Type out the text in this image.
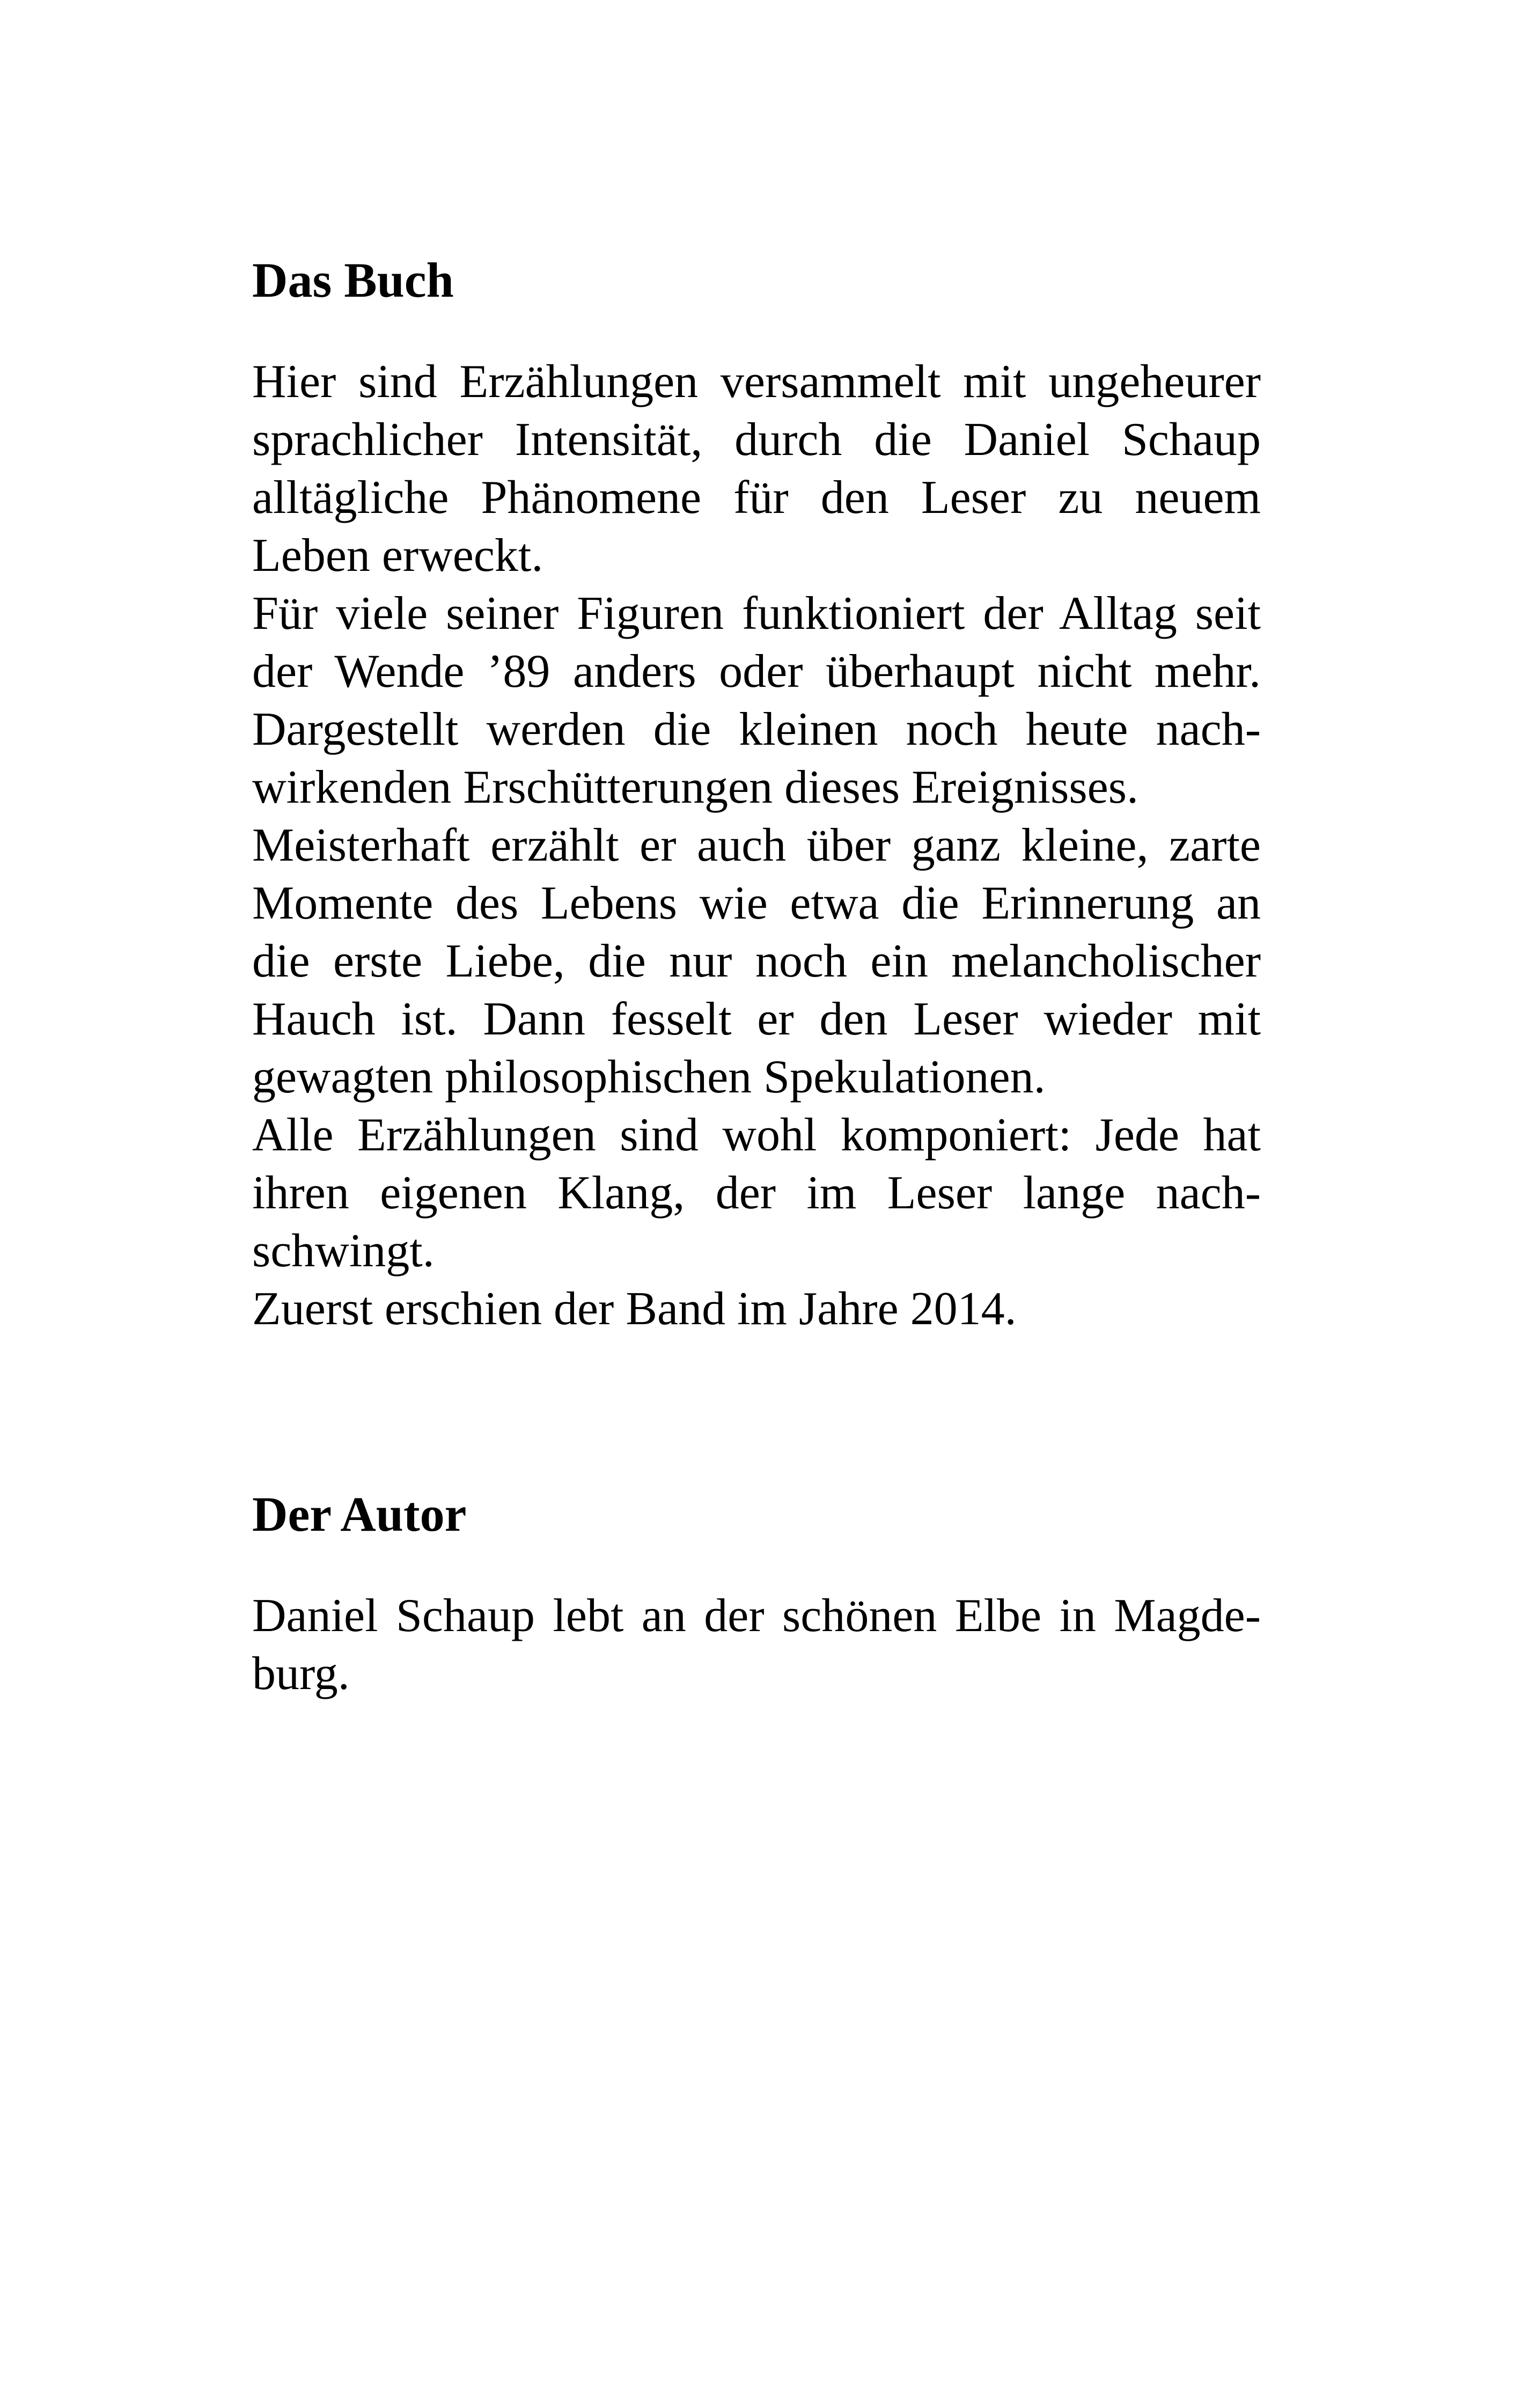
Das Buch
Hier sind Erzählungen versammelt mit ungeheurer
sprachlicher Intensität, durch die Daniel Schaup
alltägliche Phänomene für den Leser zu neuem
Leben erweckt.
Für viele seiner Figuren funktioniert der Alltag seit
der Wende ’89 anders oder überhaupt nicht mehr.
Dargestellt werden die kleinen noch heute nach-
wirkenden Erschütterungen dieses Ereignisses.
Meisterhaft erzählt er auch über ganz kleine, zarte
Momente des Lebens wie etwa die Erinnerung an
die erste Liebe, die nur noch ein melancholischer
Hauch ist. Dann fesselt er den Leser wieder mit
gewagten philosophischen Spekulationen.
Alle Erzählungen sind wohl komponiert: Jede hat
ihren eigenen Klang, der im Leser lange nach-
schwingt.
Zuerst erschien der Band im Jahre 2014.
Der Autor
Daniel Schaup lebt an der schönen Elbe in Magde-
burg.
